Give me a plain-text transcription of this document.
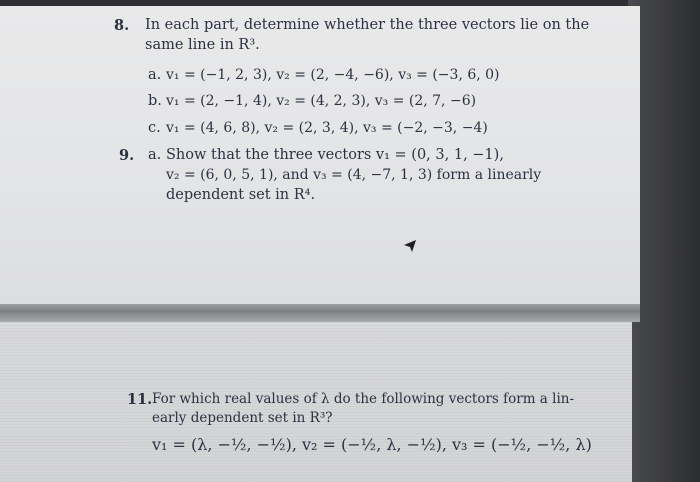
8. In each part, determine whether the three vectors lie on the
same line in R³.
a. v₁ = (−1, 2, 3), v₂ = (2, −4, −6), v₃ = (−3, 6, 0)
b. v₁ = (2, −1, 4), v₂ = (4, 2, 3), v₃ = (2, 7, −6)
c. v₁ = (4, 6, 8), v₂ = (2, 3, 4), v₃ = (−2, −3, −4)
9. a. Show that the three vectors v₁ = (0, 3, 1, −1),
v₂ = (6, 0, 5, 1), and v₃ = (4, −7, 1, 3) form a linearly
dependent set in R⁴.
11. For which real values of λ do the following vectors form a lin-
early dependent set in R³?
v₁ = (λ, −½, −½), v₂ = (−½, λ, −½), v₃ = (−½, −½, λ)
